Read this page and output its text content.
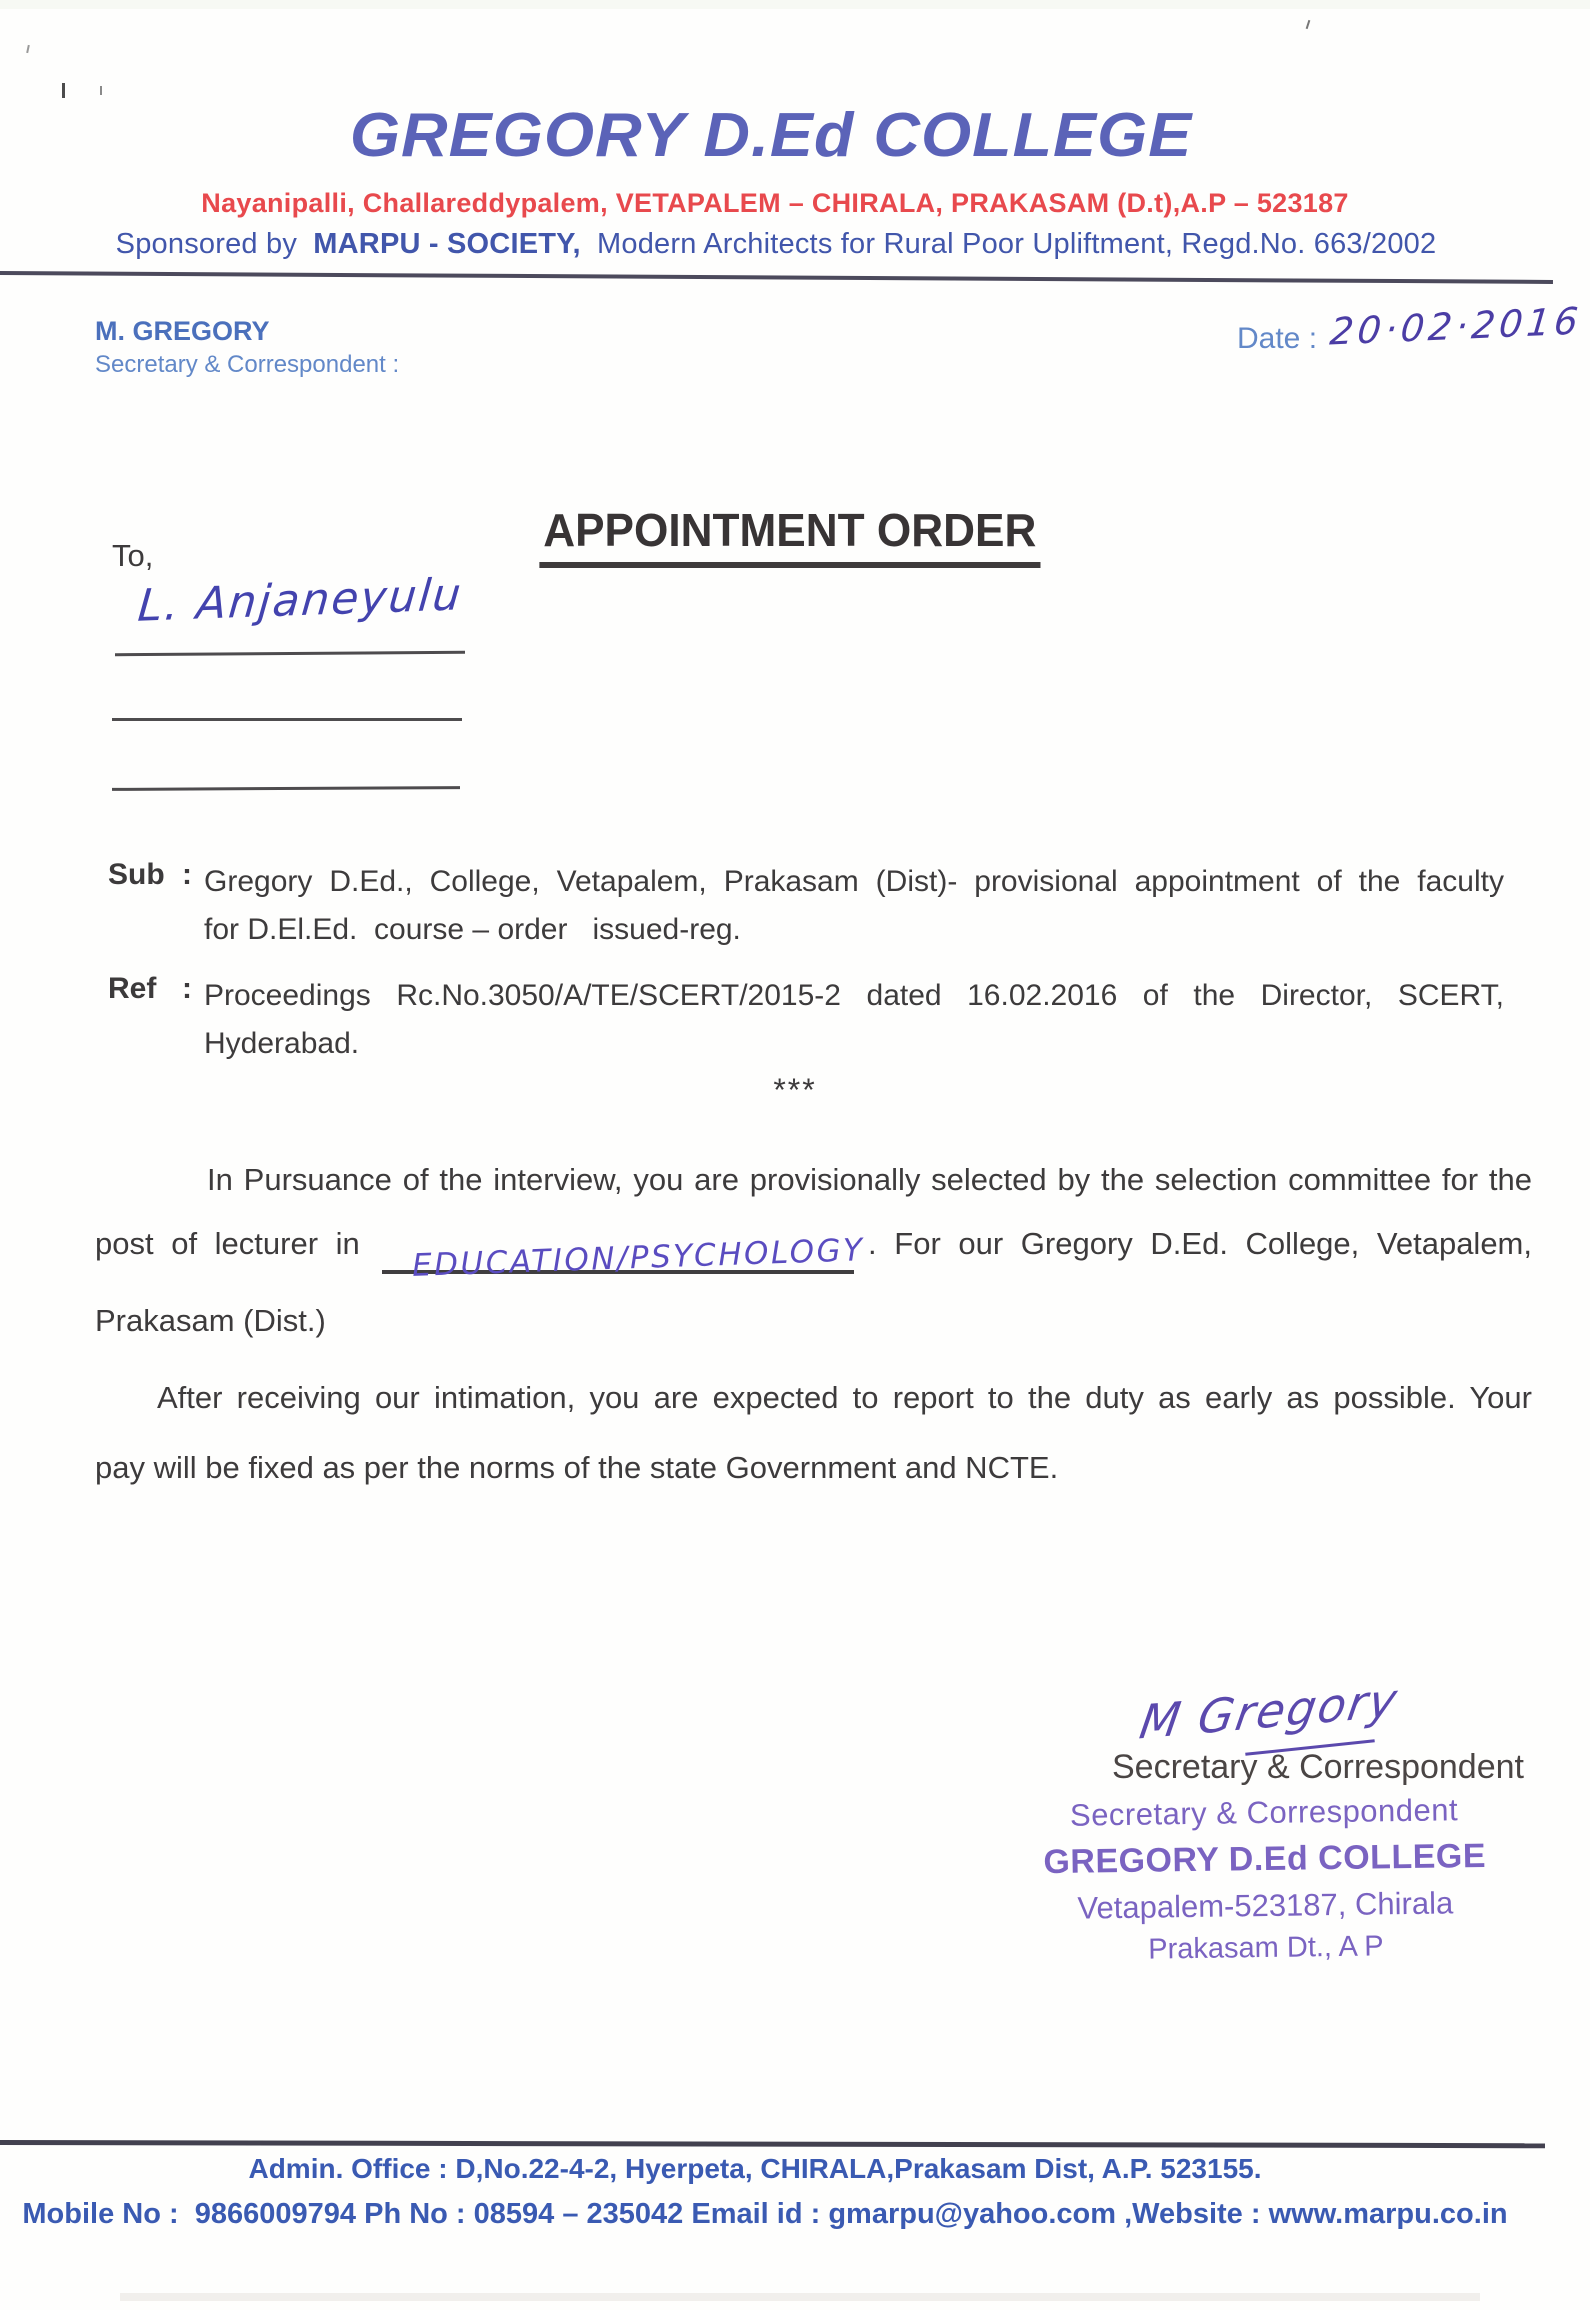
GREGORY D.Ed COLLEGE
Nayanipalli, Challareddypalem, VETAPALEM – CHIRALA, PRAKASAM (D.t),A.P – 523187
Sponsored by MARPU - SOCIETY, Modern Architects for Rural Poor Upliftment, Regd.No. 663/2002
M. GREGORY
Secretary & Correspondent :
Date : 20·02·2016
APPOINTMENT ORDER
To,
L. Anjaneyulu
Sub : Gregory D.Ed., College, Vetapalem, Prakasam (Dist)- provisional appointment of the faculty
for D.El.Ed.  course – order   issued-reg.
Ref : Proceedings Rc.No.3050/A/TE/SCERT/2015-2 dated 16.02.2016 of the Director, SCERT,
Hyderabad.
***
In Pursuance of the interview, you are provisionally selected by the selection committee for the
post of lecturer in EDUCATION/PSYCHOLOGY . For our Gregory D.Ed. College, Vetapalem,
Prakasam (Dist.)
After receiving our intimation, you are expected to report to the duty as early as possible. Your
pay will be fixed as per the norms of the state Government and NCTE.
M Gregory
Secretary & Correspondent
Secretary & Correspondent
GREGORY D.Ed COLLEGE
Vetapalem-523187, Chirala
Prakasam Dt., A P
Admin. Office : D,No.22-4-2, Hyerpeta, CHIRALA,Prakasam Dist, A.P. 523155.
Mobile No :  9866009794 Ph No : 08594 – 235042 Email id : gmarpu@yahoo.com ,Website : www.marpu.co.in
